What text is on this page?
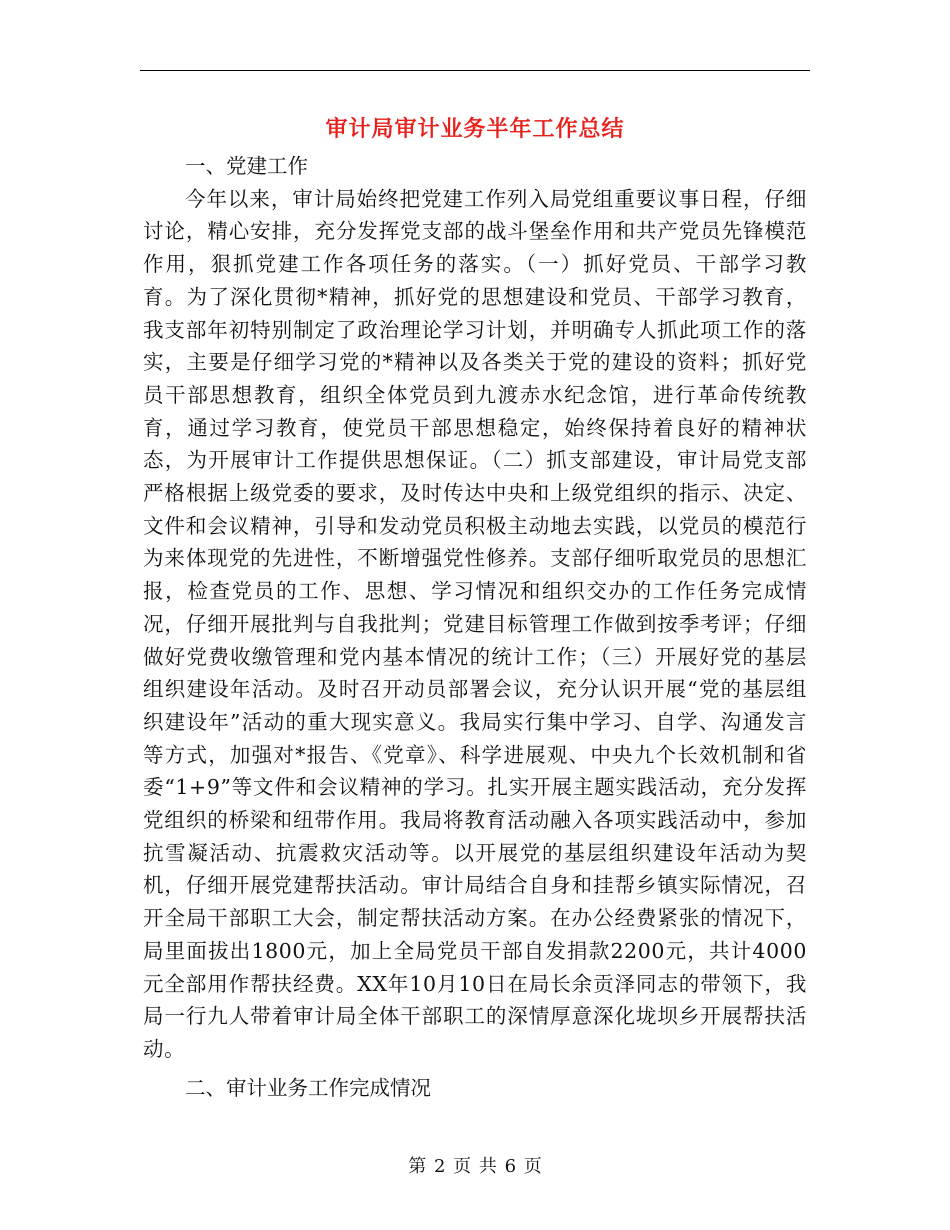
审计局审计业务半年工作总结

一、党建工作

今年以来，审计局始终把党建工作列入局党组重要议事日程，仔细讨论，精心安排，充分发挥党支部的战斗堡垒作用和共产党员先锋模范作用，狠抓党建工作各项任务的落实。（一）抓好党员、干部学习教育。为了深化贯彻*精神，抓好党的思想建设和党员、干部学习教育，我支部年初特别制定了政治理论学习计划，并明确专人抓此项工作的落实，主要是仔细学习党的*精神以及各类关于党的建设的资料；抓好党员干部思想教育，组织全体党员到九渡赤水纪念馆，进行革命传统教育，通过学习教育，使党员干部思想稳定，始终保持着良好的精神状态，为开展审计工作提供思想保证。（二）抓支部建设，审计局党支部严格根据上级党委的要求，及时传达中央和上级党组织的指示、决定、文件和会议精神，引导和发动党员积极主动地去实践，以党员的模范行为来体现党的先进性，不断增强党性修养。支部仔细听取党员的思想汇报，检查党员的工作、思想、学习情况和组织交办的工作任务完成情况，仔细开展批判与自我批判；党建目标管理工作做到按季考评；仔细做好党费收缴管理和党内基本情况的统计工作；（三）开展好党的基层组织建设年活动。及时召开动员部署会议，充分认识开展“党的基层组织建设年”活动的重大现实意义。我局实行集中学习、自学、沟通发言等方式，加强对*报告、《党章》、科学进展观、中央九个长效机制和省委“1+9”等文件和会议精神的学习。扎实开展主题实践活动，充分发挥党组织的桥梁和纽带作用。我局将教育活动融入各项实践活动中，参加抗雪凝活动、抗震救灾活动等。以开展党的基层组织建设年活动为契机，仔细开展党建帮扶活动。审计局结合自身和挂帮乡镇实际情况，召开全局干部职工大会，制定帮扶活动方案。在办公经费紧张的情况下，局里面拔出1800元，加上全局党员干部自发捐款2200元，共计4000元全部用作帮扶经费。XX年10月10日在局长余贡泽同志的带领下，我局一行九人带着审计局全体干部职工的深情厚意深化垅坝乡开展帮扶活动。

二、审计业务工作完成情况

第 2 页 共 6 页
